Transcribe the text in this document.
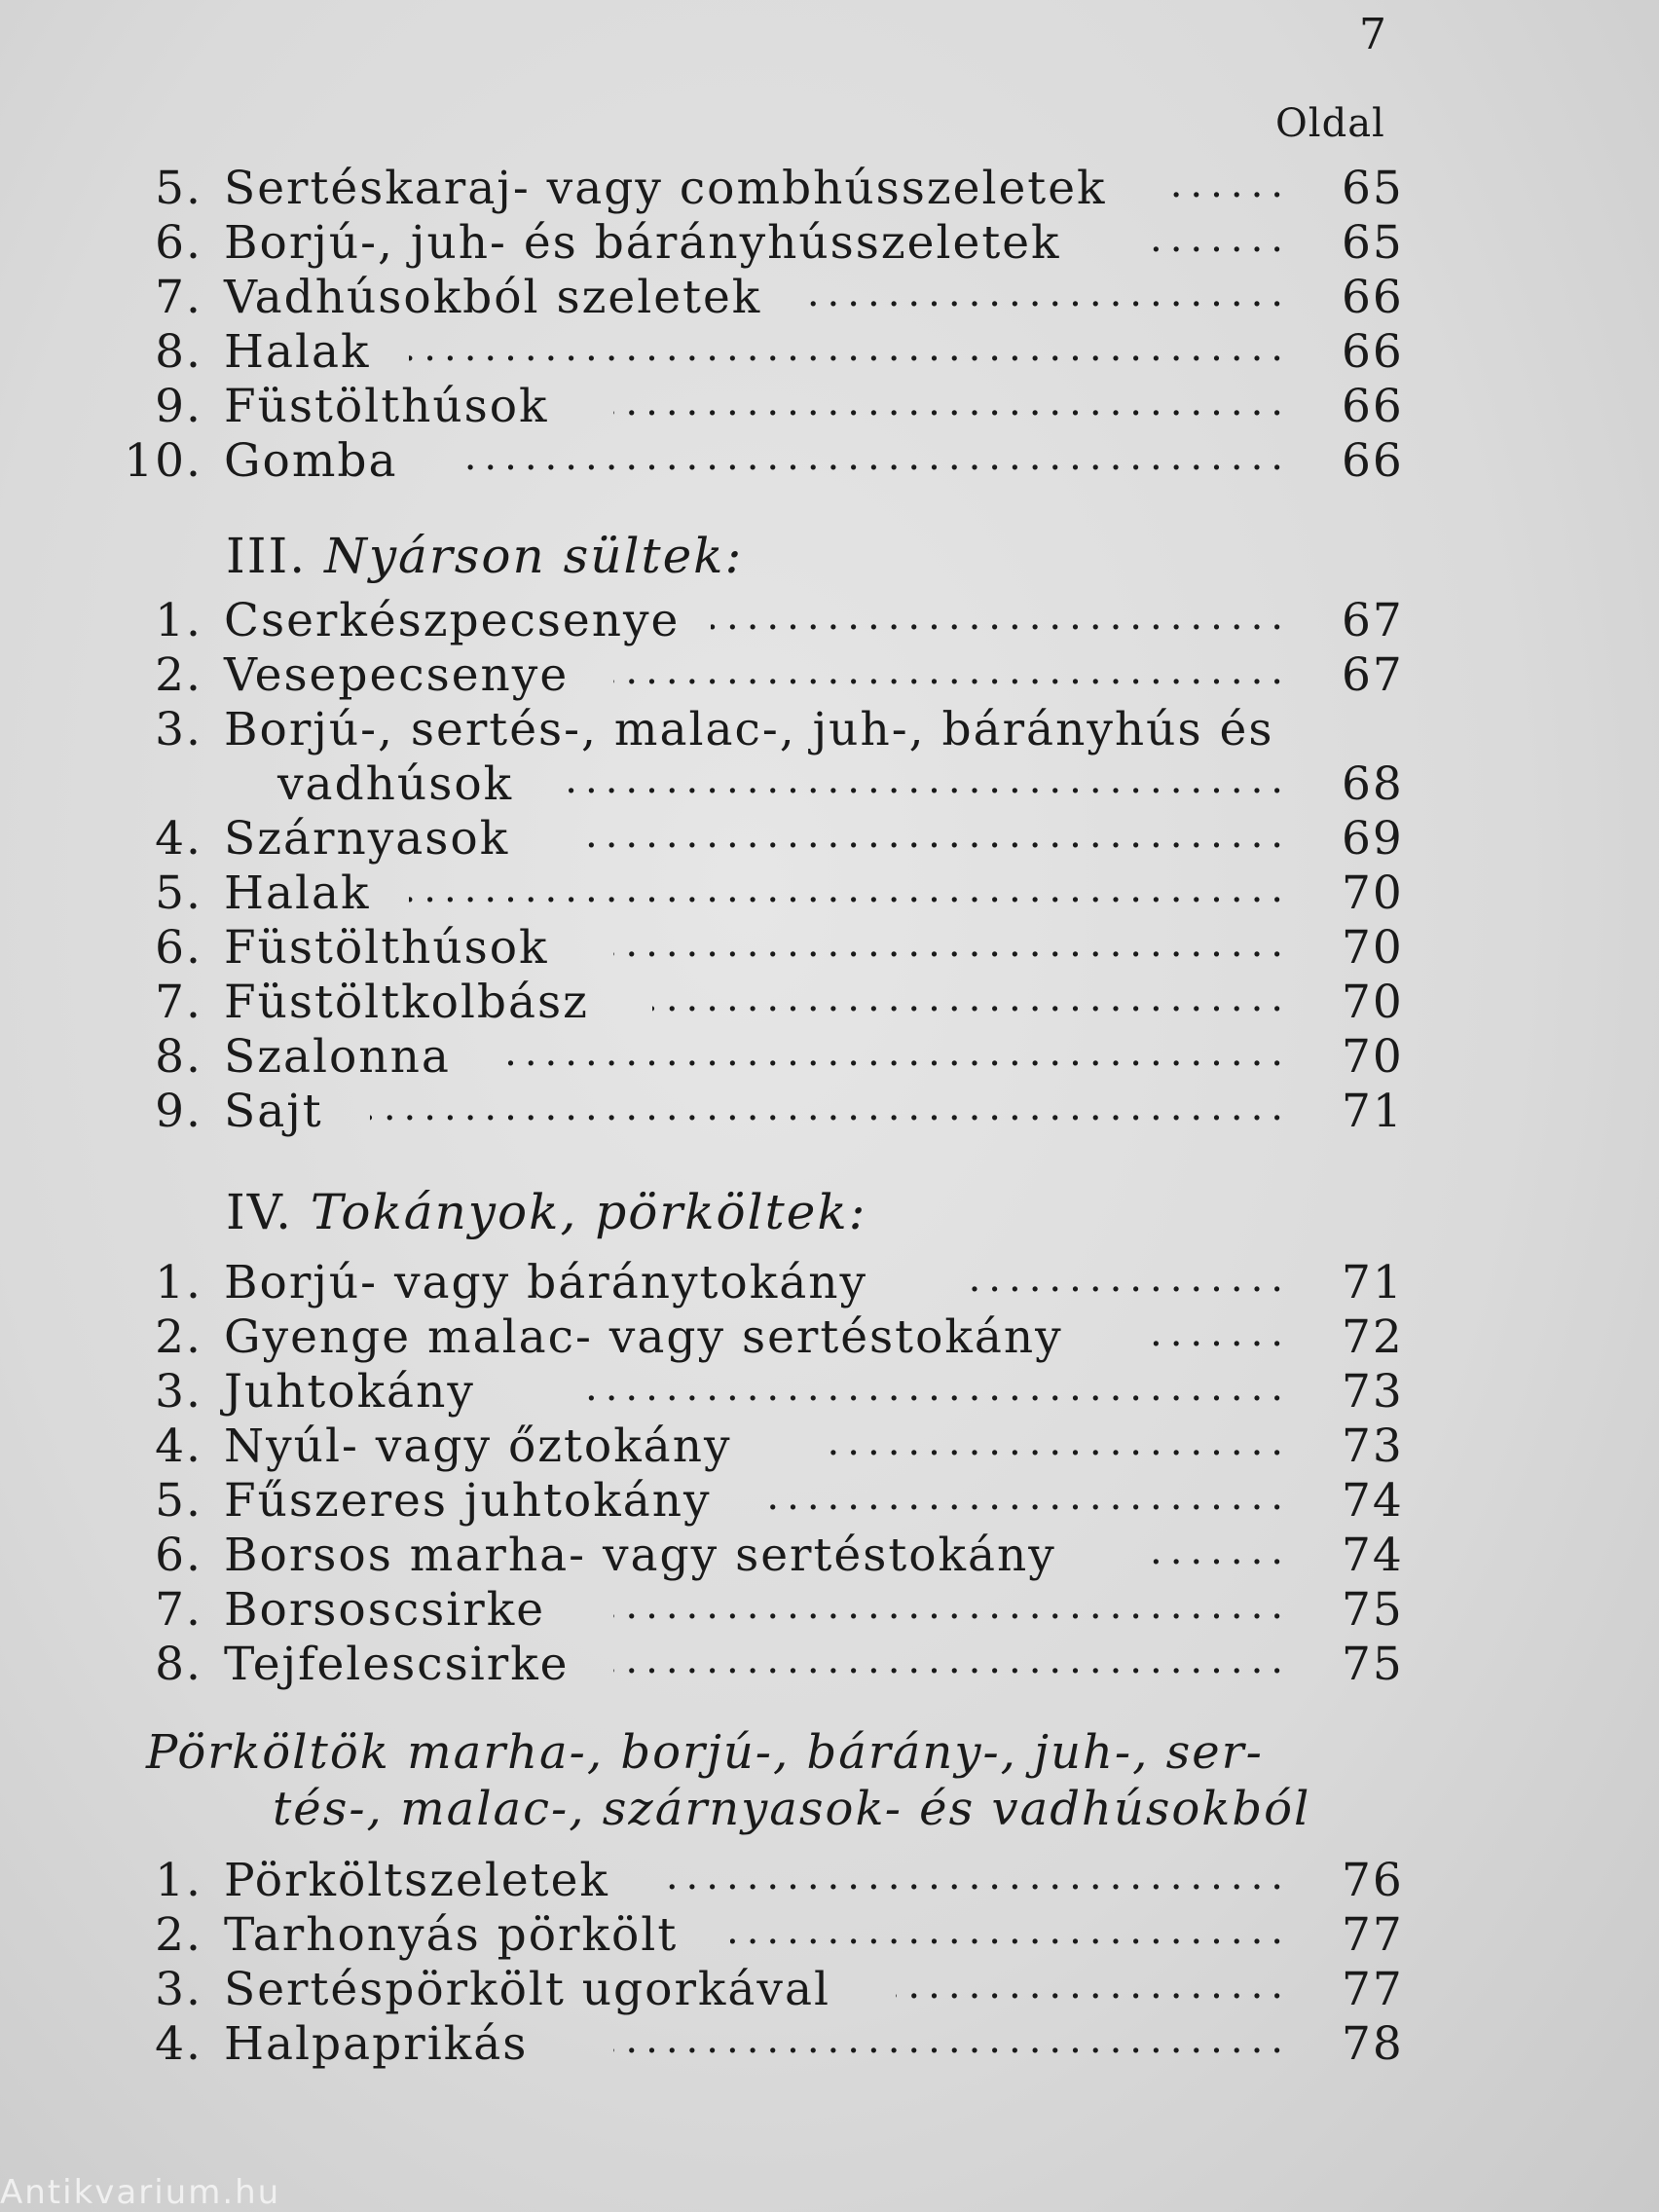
7
Oldal
5. Sertéskaraj- vagy combhússzeletek .....	65
6. Borjú-, juh- és bárányhússzeletek .....	65
7. Vadhúsokból szeletek .....	66
8. Halak .....	66
9. Füstölthúsok .....	66
10. Gomba .....	66
III. Nyárson sültek:
1. Cserkészpecsenye .....	67
2. Vesepecsenye .....	67
3. Borjú-, sertés-, malac-, juh-, bárányhús és
vadhúsok .....	68
4. Szárnyasok .....	69
5. Halak .....	70
6. Füstölthúsok .....	70
7. Füstöltkolbász .....	70
8. Szalonna .....	70
9. Sajt .....	71
IV. Tokányok, pörköltek:
1. Borjú- vagy báránytokány .....	71
2. Gyenge malac- vagy sertéstokány .....	72
3. Juhtokány .....	73
4. Nyúl- vagy őztokány .....	73
5. Fűszeres juhtokány .....	74
6. Borsos marha- vagy sertéstokány .....	74
7. Borsoscsirke .....	75
8. Tejfelescsirke .....	75
Pörköltök marha-, borjú-, bárány-, juh-, ser-
tés-, malac-, szárnyasok- és vadhúsokból
1. Pörköltszeletek .....	76
2. Tarhonyás pörkölt .....	77
3. Sertéspörkölt ugorkával .....	77
4. Halpaprikás .....	78
Antikvarium.hu
